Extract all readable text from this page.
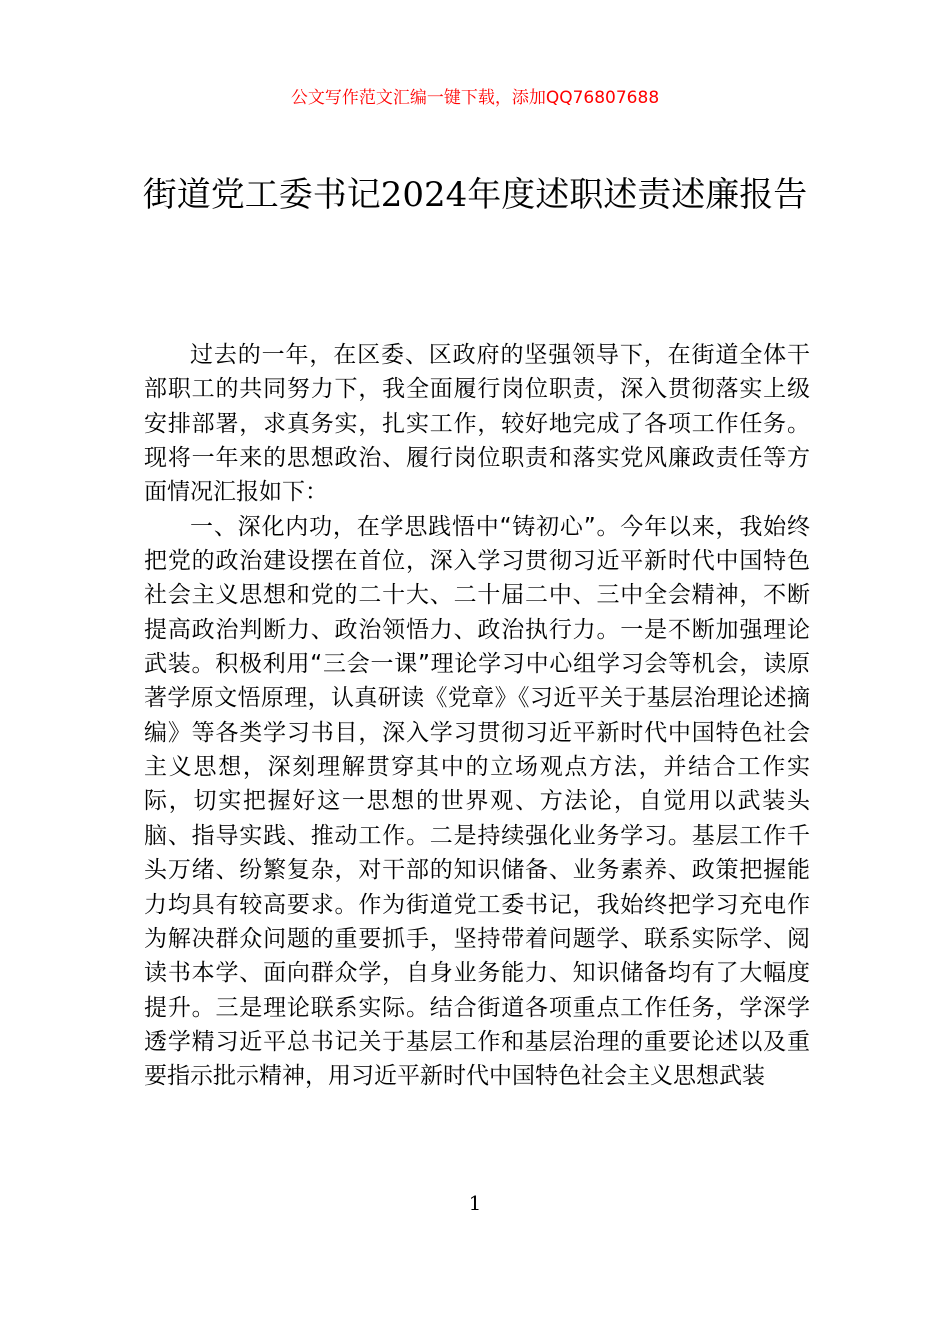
公文写作范文汇编一键下载，添加QQ76807688
街道党工委书记2024年度述职述责述廉报告

过去的一年，在区委、区政府的坚强领导下，在街道全体干部职工的共同努力下，我全面履行岗位职责，深入贯彻落实上级安排部署，求真务实，扎实工作，较好地完成了各项工作任务。现将一年来的思想政治、履行岗位职责和落实党风廉政责任等方面情况汇报如下：

一、深化内功，在学思践悟中“铸初心”。今年以来，我始终把党的政治建设摆在首位，深入学习贯彻习近平新时代中国特色社会主义思想和党的二十大、二十届二中、三中全会精神，不断提高政治判断力、政治领悟力、政治执行力。一是不断加强理论武装。积极利用“三会一课”理论学习中心组学习会等机会，读原著学原文悟原理，认真研读《党章》《习近平关于基层治理论述摘编》等各类学习书目，深入学习贯彻习近平新时代中国特色社会主义思想，深刻理解贯穿其中的立场观点方法，并结合工作实际，切实把握好这一思想的世界观、方法论，自觉用以武装头脑、指导实践、推动工作。二是持续强化业务学习。基层工作千头万绪、纷繁复杂，对干部的知识储备、业务素养、政策把握能力均具有较高要求。作为街道党工委书记，我始终把学习充电作为解决群众问题的重要抓手，坚持带着问题学、联系实际学、阅读书本学、面向群众学，自身业务能力、知识储备均有了大幅度提升。三是理论联系实际。结合街道各项重点工作任务，学深学透学精习近平总书记关于基层工作和基层治理的重要论述以及重要指示批示精神，用习近平新时代中国特色社会主义思想武装

1
